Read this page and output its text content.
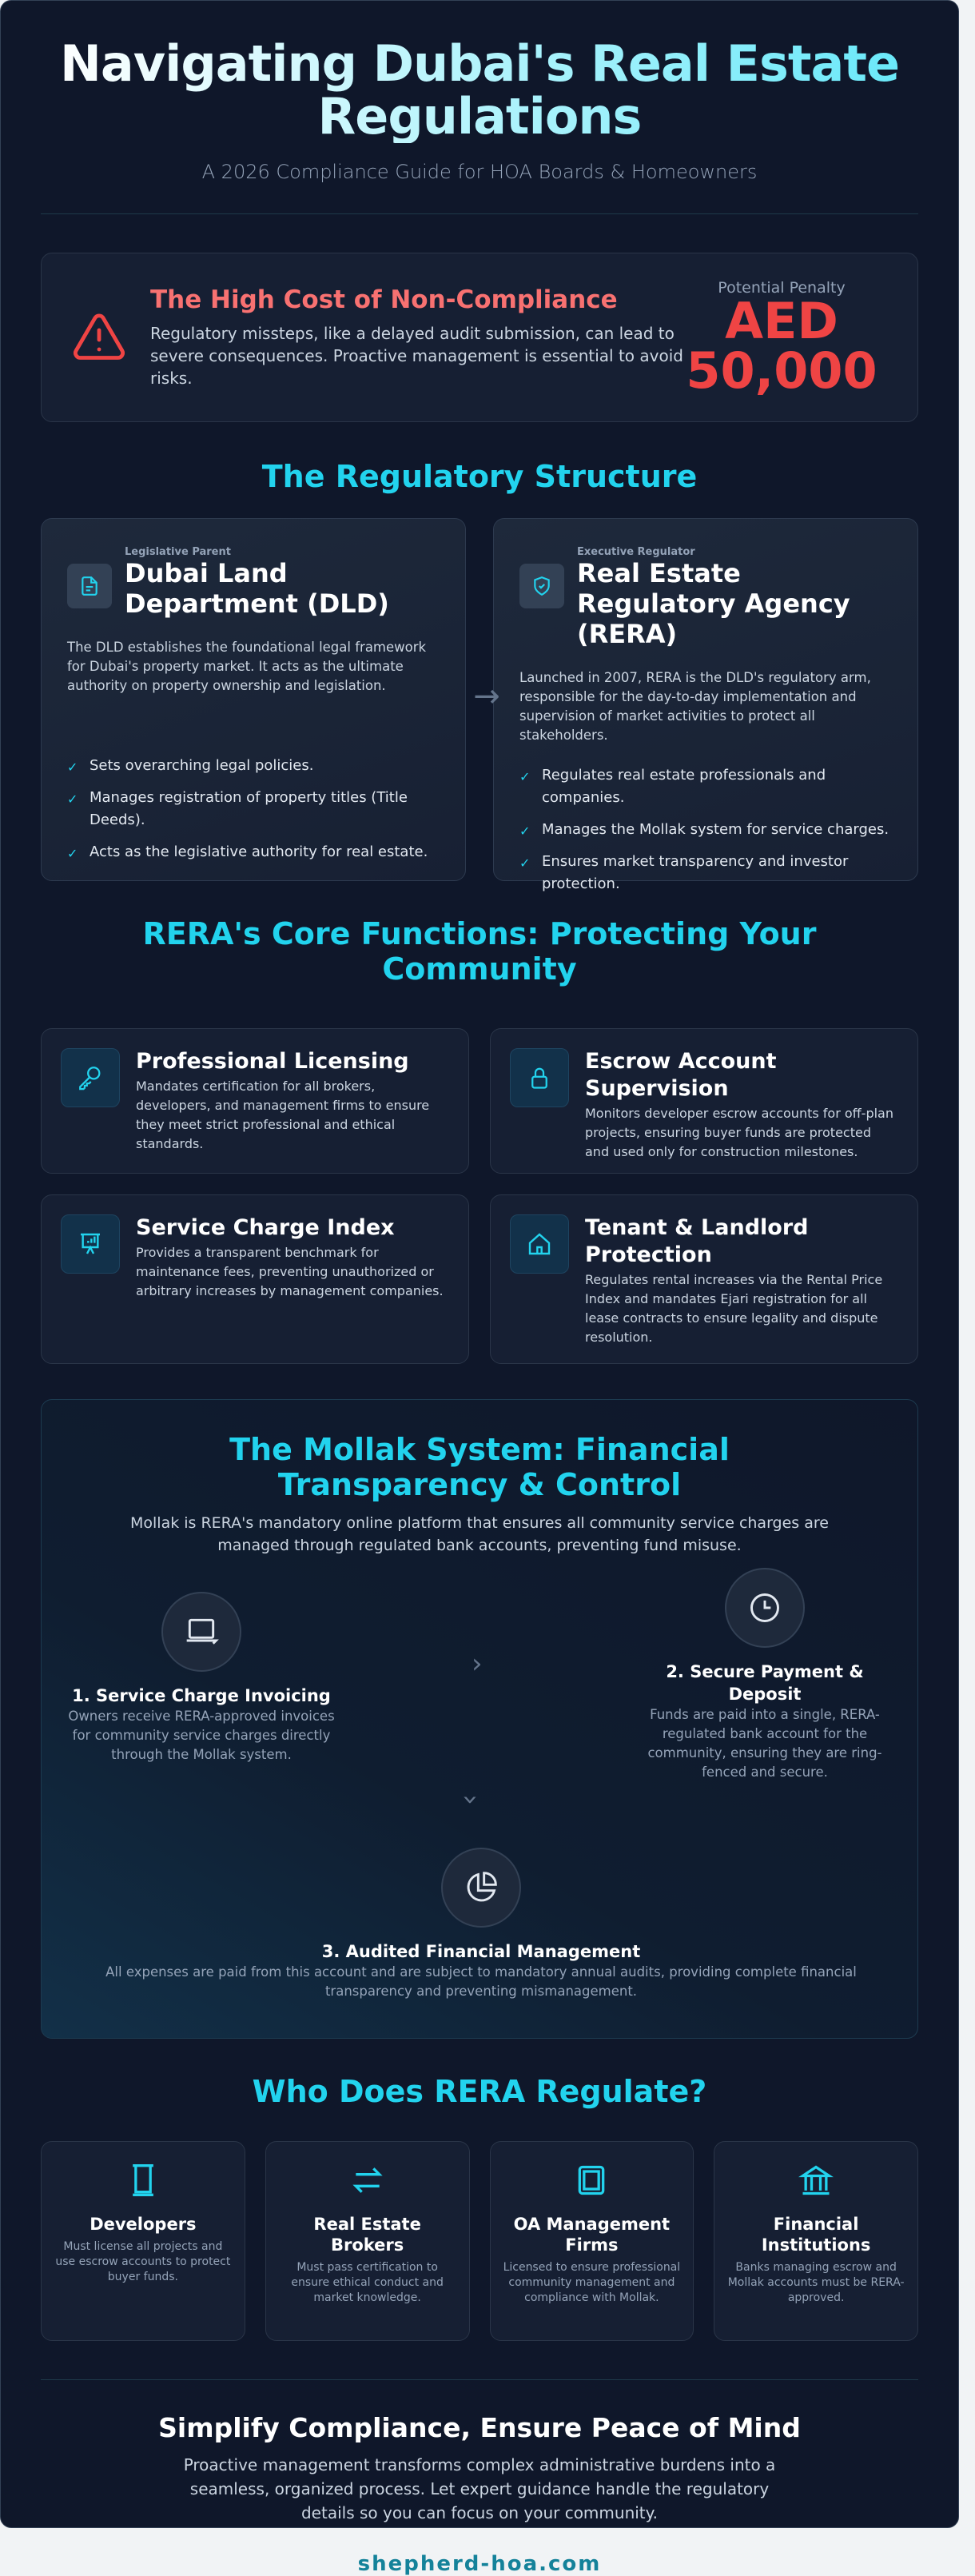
Navigating Dubai's Real Estate Regulations
A 2026 Compliance Guide for HOA Boards & Homeowners
The High Cost of Non-Compliance

Regulatory missteps, like a delayed audit submission, can lead to severe consequences. Proactive management is essential to avoid risks.

Potential Penalty
AED
50,000
The Regulatory Structure
Legislative Parent
Dubai Land Department (DLD)
The DLD establishes the foundational legal framework for Dubai's property market. It acts as the ultimate authority on property ownership and legislation.
✓ Sets overarching legal policies.
✓ Manages registration of property titles (Title Deeds).
✓ Acts as the legislative authority for real estate.
→
Executive Regulator
Real Estate Regulatory Agency (RERA)
Launched in 2007, RERA is the DLD's regulatory arm, responsible for the day-to-day implementation and supervision of market activities to protect all stakeholders.
✓ Regulates real estate professionals and companies.
✓ Manages the Mollak system for service charges.
✓ Ensures market transparency and investor protection.
RERA's Core Functions: Protecting Your Community
Professional Licensing

Mandates certification for all brokers, developers, and management firms to ensure they meet strict professional and ethical standards.

Escrow Account Supervision

Monitors developer escrow accounts for off-plan projects, ensuring buyer funds are protected and used only for construction milestones.

Service Charge Index

Provides a transparent benchmark for maintenance fees, preventing unauthorized or arbitrary increases by management companies.

Tenant & Landlord Protection

Regulates rental increases via the Rental Price Index and mandates Ejari registration for all lease contracts to ensure legality and dispute resolution.

The Mollak System: Financial Transparency & Control
Mollak is RERA's mandatory online platform that ensures all community service charges are managed through regulated bank accounts, preventing fund misuse.
1. Service Charge Invoicing

Owners receive RERA-approved invoices for community service charges directly through the Mollak system.

›	2. Secure Payment & Deposit

Funds are paid into a single, RERA-regulated bank account for the community, ensuring they are ring-fenced and secure.

›
3. Audited Financial Management

All expenses are paid from this account and are subject to mandatory annual audits, providing complete financial transparency and preventing mismanagement.

Who Does RERA Regulate?
Developers

Must license all projects and use escrow accounts to protect buyer funds.

Real Estate Brokers

Must pass certification to ensure ethical conduct and market knowledge.

OA Management Firms

Licensed to ensure professional community management and compliance with Mollak.

Financial Institutions

Banks managing escrow and Mollak accounts must be RERA-approved.

Simplify Compliance, Ensure Peace of Mind

Proactive management transforms complex administrative burdens into a seamless, organized process. Let expert guidance handle the regulatory details so you can focus on your community.

shepherd-hoa.com
